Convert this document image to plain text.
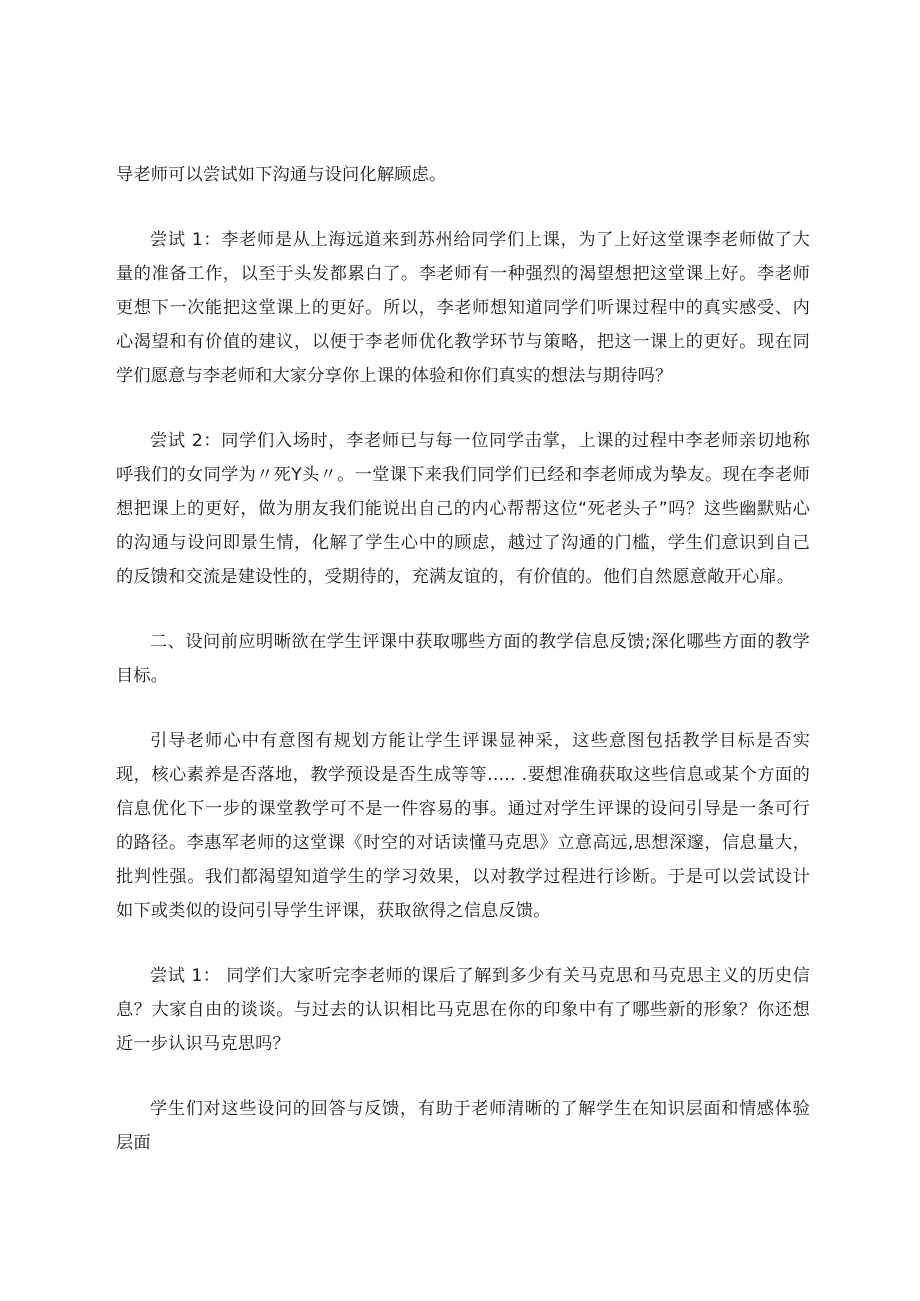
导老师可以尝试如下沟通与设问化解顾虑。

尝试 1：李老师是从上海远道来到苏州给同学们上课，为了上好这堂课李老师做了大量的准备工作，以至于头发都累白了。李老师有一种强烈的渴望想把这堂课上好。李老师更想下一次能把这堂课上的更好。所以，李老师想知道同学们听课过程中的真实感受、内心渴望和有价值的建议，以便于李老师优化教学环节与策略，把这一课上的更好。现在同学们愿意与李老师和大家分享你上课的体验和你们真实的想法与期待吗？

尝试 2：同学们入场时，李老师已与每一位同学击掌，上课的过程中李老师亲切地称呼我们的女同学为〃死Y头〃。一堂课下来我们同学们已经和李老师成为挚友。现在李老师想把课上的更好，做为朋友我们能说出自己的内心帮帮这位“死老头子”吗？这些幽默贴心的沟通与设问即景生情，化解了学生心中的顾虑，越过了沟通的门槛，学生们意识到自己的反馈和交流是建设性的，受期待的，充满友谊的，有价值的。他们自然愿意敞开心扉。

二、设问前应明晰欲在学生评课中获取哪些方面的教学信息反馈;深化哪些方面的教学目标。

引导老师心中有意图有规划方能让学生评课显神采，这些意图包括教学目标是否实现，核心素养是否落地，教学预设是否生成等等….. .要想准确获取这些信息或某个方面的信息优化下一步的课堂教学可不是一件容易的事。通过对学生评课的设问引导是一条可行的路径。李惠军老师的这堂课《时空的对话读懂马克思》立意高远,思想深邃，信息量大，批判性强。我们都渴望知道学生的学习效果，以对教学过程进行诊断。于是可以尝试设计如下或类似的设问引导学生评课，获取欲得之信息反馈。

尝试 1： 同学们大家听完李老师的课后了解到多少有关马克思和马克思主义的历史信息？大家自由的谈谈。与过去的认识相比马克思在你的印象中有了哪些新的形象？你还想近一步认识马克思吗？

学生们对这些设问的回答与反馈，有助于老师清晰的了解学生在知识层面和情感体验层面
